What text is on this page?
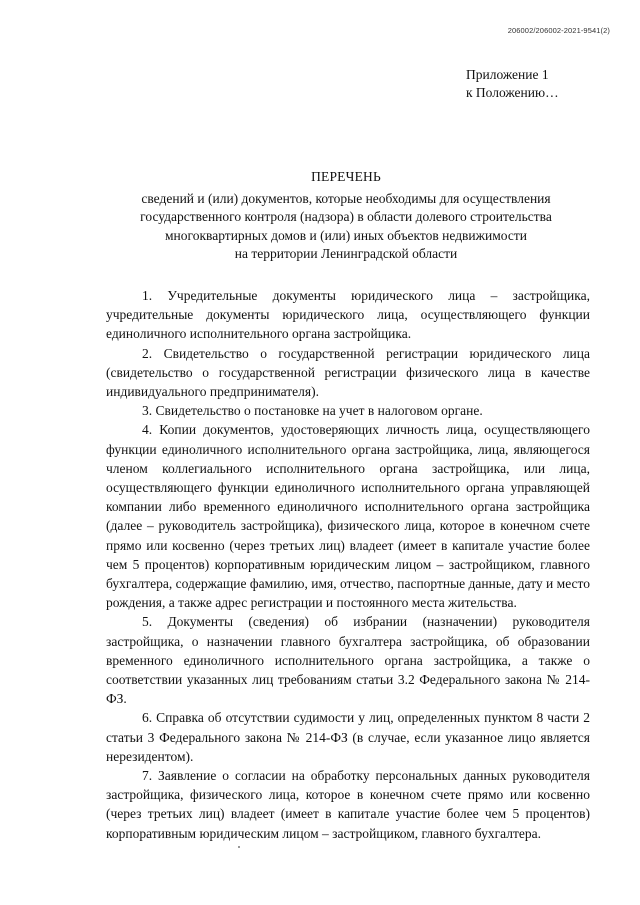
206002/206002-2021-9541(2)
Приложение 1
к Положению…
ПЕРЕЧЕНЬ
сведений и (или) документов, которые необходимы для осуществления
государственного контроля (надзора) в области долевого строительства
многоквартирных домов и (или) иных объектов недвижимости
на территории Ленинградской области

1. Учредительные документы юридического лица – застройщика, учредительные документы юридического лица, осуществляющего функции единоличного исполнительного органа застройщика.

2. Свидетельство о государственной регистрации юридического лица (свидетельство о государственной регистрации физического лица в качестве индивидуального предпринимателя).

3. Свидетельство о постановке на учет в налоговом органе.

4. Копии документов, удостоверяющих личность лица, осуществляющего функции единоличного исполнительного органа застройщика, лица, являющегося членом коллегиального исполнительного органа застройщика, или лица, осуществляющего функции единоличного исполнительного органа управляющей компании либо временного единоличного исполнительного органа застройщика (далее – руководитель застройщика), физического лица, которое в конечном счете прямо или косвенно (через третьих лиц) владеет (имеет в капитале участие более чем 5 процентов) корпоративным юридическим лицом – застройщиком, главного бухгалтера, содержащие фамилию, имя, отчество, паспортные данные, дату и место рождения, а также адрес регистрации и постоянного места жительства.

5. Документы (сведения) об избрании (назначении) руководителя застройщика, о назначении главного бухгалтера застройщика, об образовании временного единоличного исполнительного органа застройщика, а также о соответствии указанных лиц требованиям статьи 3.2 Федерального закона № 214-ФЗ.

6. Справка об отсутствии судимости у лиц, определенных пунктом 8 части 2 статьи 3 Федерального закона № 214-ФЗ (в случае, если указанное лицо является нерезидентом).

7. Заявление о согласии на обработку персональных данных руководителя застройщика, физического лица, которое в конечном счете прямо или косвенно (через третьих лиц) владеет (имеет в капитале участие более чем 5 процентов) корпоративным юридическим лицом – застройщиком, главного бухгалтера.
